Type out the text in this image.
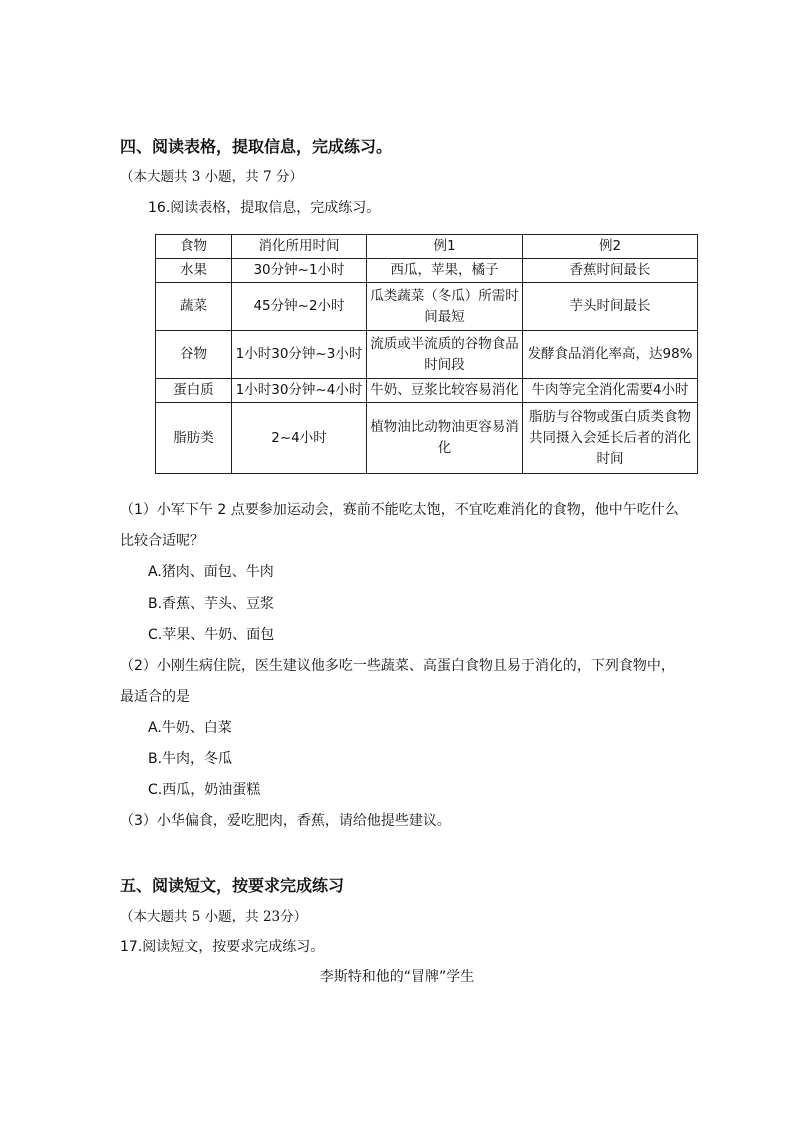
四、阅读表格，提取信息，完成练习。
（本大题共 3 小题，共 7 分）
16.阅读表格，提取信息，完成练习。
食物	消化所用时间	例1	例2
水果	30分钟~1小时	西瓜，苹果，橘子	香蕉时间最长
蔬菜	45分钟~2小时	瓜类蔬菜（冬瓜）所需时间最短	芋头时间最长
谷物	1小时30分钟~3小时	流质或半流质的谷物食品时间段	发酵食品消化率高，达98%
蛋白质	1小时30分钟~4小时	牛奶、豆浆比较容易消化	牛肉等完全消化需要4小时
脂肪类	2~4小时	植物油比动物油更容易消化	脂肪与谷物或蛋白质类食物共同摄入会延长后者的消化时间
（1）小军下午 2 点要参加运动会，赛前不能吃太饱，不宜吃难消化的食物，他中午吃什么
比较合适呢？
A.猪肉、面包、牛肉
B.香蕉、芋头、豆浆
C.苹果、牛奶、面包
（2）小刚生病住院，医生建议他多吃一些蔬菜、高蛋白食物且易于消化的，下列食物中，
最适合的是
A.牛奶、白菜
B.牛肉，冬瓜
C.西瓜，奶油蛋糕
（3）小华偏食，爱吃肥肉，香蕉，请给他提些建议。
五、阅读短文，按要求完成练习
（本大题共 5 小题，共 23分）
17.阅读短文，按要求完成练习。
李斯特和他的“冒牌”学生
